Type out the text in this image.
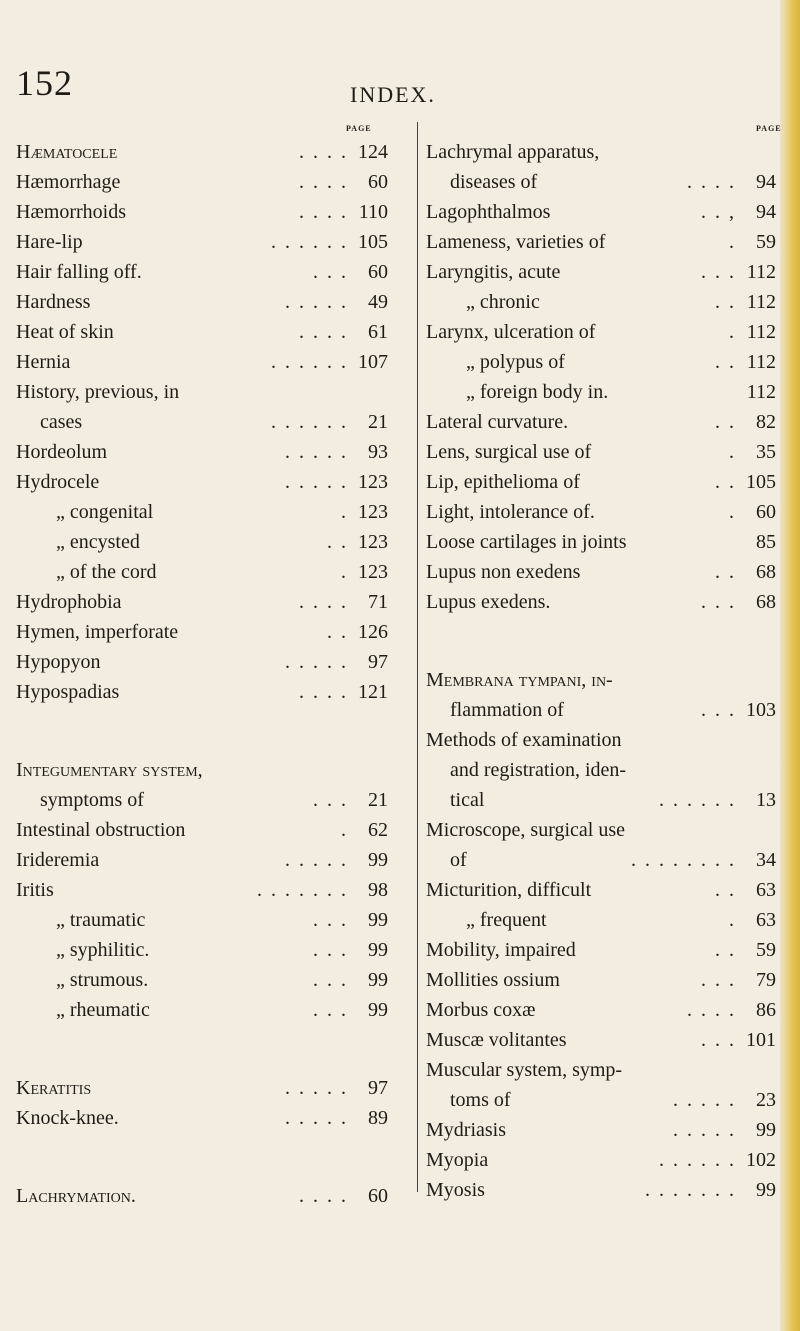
152	INDEX.
PAGE	PAGE
Hæmatocele	. . . . 124
Hæmorrhage	. . . . 60
Hæmorrhoids	. . . . 110
Hare-lip	. . . . . . 105
Hair falling off.	. . . 60
Hardness	. . . . . 49
Heat of skin	. . . . 61
Hernia	. . . . . . 107
History, previous, in
cases	. . . . . . 21
Hordeolum	. . . . . 93
Hydrocele	. . . . . 123
„ congenital	. 123
„ encysted	. . 123
„ of the cord	. 123
Hydrophobia	. . . . 71
Hymen, imperforate	. . 126
Hypopyon	. . . . . 97
Hypospadias	. . . . 121
Integumentary system,
symptoms of	. . . 21
Intestinal obstruction	. 62
Irideremia	. . . . . 99
Iritis	. . . . . . . 98
„ traumatic	. . . 99
„ syphilitic.	. . . 99
„ strumous.	. . . 99
„ rheumatic	. . . 99
Keratitis	. . . . . 97
Knock-knee.	. . . . . 89
Lachrymation.	. . . . 60
Lachrymal apparatus,
diseases of	. . . . 94
Lagophthalmos	. . , 94
Lameness, varieties of	. 59
Laryngitis, acute	. . . 112
„ chronic	. . 112
Larynx, ulceration of	. 112
„ polypus of	. . 112
„ foreign body in.	112
Lateral curvature.	. . 82
Lens, surgical use of	. 35
Lip, epithelioma of	. . 105
Light, intolerance of.	. 60
Loose cartilages in joints	85
Lupus non exedens	. . 68
Lupus exedens.	. . . 68
Membrana tympani, in-
flammation of	. . . 103
Methods of examination
and registration, iden-
tical	. . . . . . 13
Microscope, surgical use
of	. . . . . . . . 34
Micturition, difficult	. . 63
„ frequent	. 63
Mobility, impaired	. . 59
Mollities ossium	. . . 79
Morbus coxæ	. . . . 86
Muscæ volitantes	. . . 101
Muscular system, symp-
toms of	. . . . . 23
Mydriasis	. . . . . 99
Myopia	. . . . . . 102
Myosis	. . . . . . . 99
